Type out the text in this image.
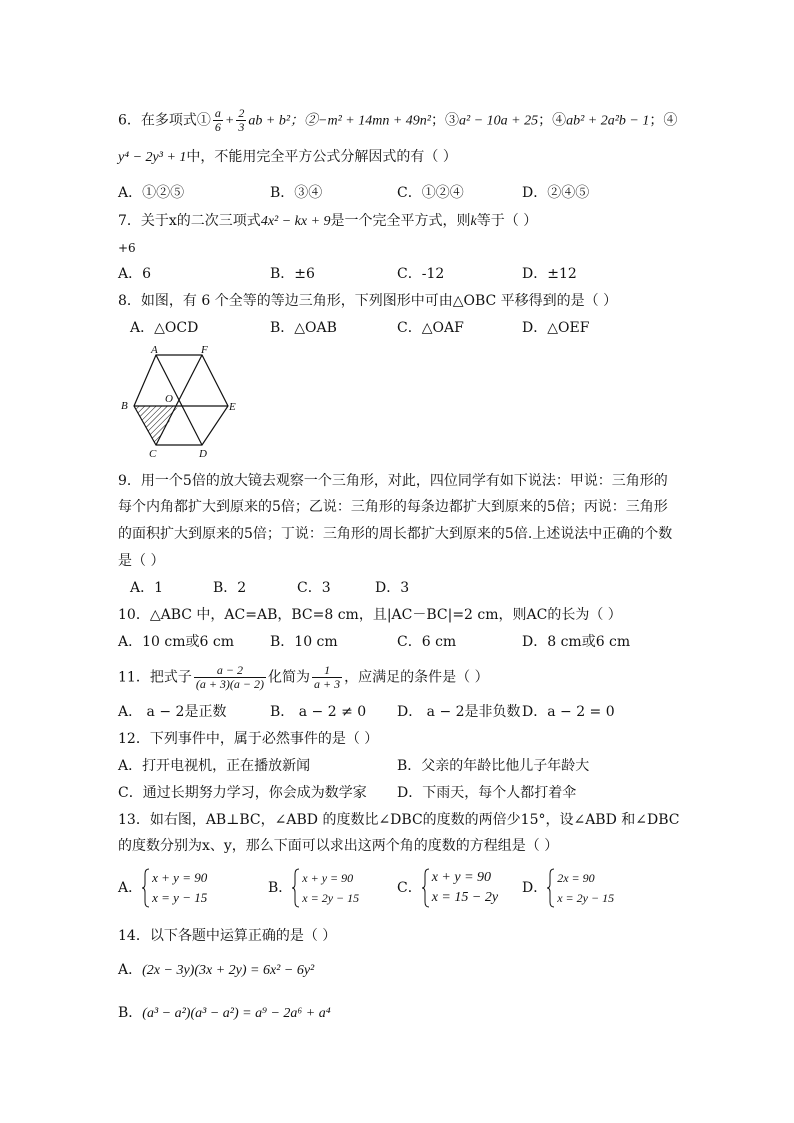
6．在多项式① $\frac{a}{6} + \frac{2}{3}$ ab + b²；②−m² + 14mn + 49n²；③a² − 10a + 25；④ab² + 2a²b − 1；④
y⁴ − 2y³ + 1中，不能用完全平方公式分解因式的有（ ）
A．①②⑤	B．③④	C．①②④	D．②④⑤
7．关于x的二次三项式4x² − kx + 9是一个完全平方式，则k等于（ ）
+6
A．6	B．±6	C．-12	D．±12
8．如图，有 6 个全等的等边三角形，下列图形中可由△OBC 平移得到的是（ ）
A．△OCD	B．△OAB	C．△OAF	D．△OEF
A	F
B
O
E
C	D
9．用一个5倍的放大镜去观察一个三角形，对此，四位同学有如下说法：甲说：三角形的
每个内角都扩大到原来的5倍；乙说：三角形的每条边都扩大到原来的5倍；丙说：三角形
的面积扩大到原来的5倍；丁说：三角形的周长都扩大到原来的5倍.上述说法中正确的个数
是（ ）
A．1	B．2	C．3	D．3
10．△ABC 中，AC=AB，BC=8 cm，且|AC－BC|=2 cm，则AC的长为（ ）
A．10 cm或6 cm	B．10 cm	C．6 cm	D．8 cm或6 cm
11．把式子 $\frac{a - 2}{(a + 3)(a - 2)}$ 化简为 $\frac{1}{a + 3}$ ，应满足的条件是（ ）
A． a − 2是正数	B． a − 2 ≠ 0 D． a − 2是非负数 D．a − 2 = 0
12．下列事件中，属于必然事件的是（ ）
A．打开电视机，正在播放新闻	B．父亲的年龄比他儿子年龄大
C．通过长期努力学习，你会成为数学家 D．下雨天，每个人都打着伞
13．如右图，AB⊥BC，∠ABD 的度数比∠DBC的度数的两倍少15°，设∠ABD 和∠DBC
的度数分别为x、y，那么下面可以求出这两个角的度数的方程组是（ ）
A．
x + y = 90
x = y − 15
B．
x + y = 90
x = 2y − 15
C．
x + y = 90
x = 15 − 2y
D．
2x = 90
x = 2y − 15
14．以下各题中运算正确的是（ ）
A．(2x − 3y)(3x + 2y) = 6x² − 6y²
B．(a³ − a²)(a³ − a²) = a⁹ − 2a⁶ + a⁴
